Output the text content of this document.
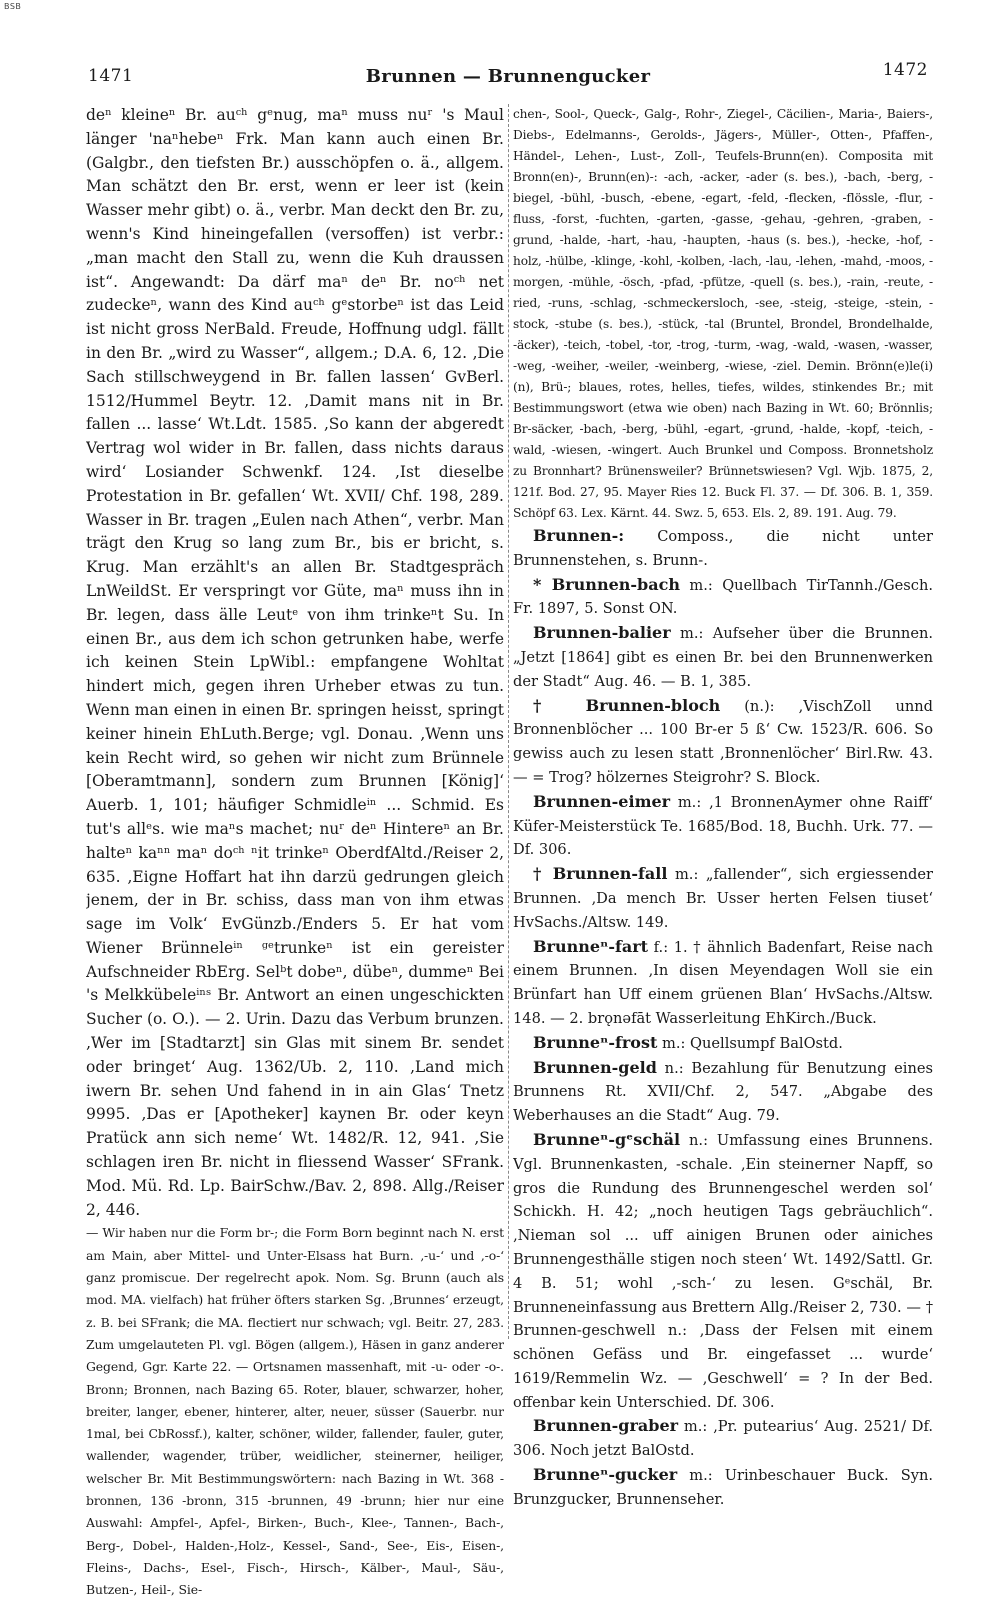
BSB
1471	Brunnen — Brunnengucker	1472
deⁿ kleineⁿ Br. auᶜʰ gᵉnug, maⁿ muss nuʳ 's Maul länger 'naⁿhebeⁿ Frk. Man kann auch einen Br. (Galgbr., den tiefsten Br.) ausschöpfen o. ä., allgem. Man schätzt den Br. erst, wenn er leer ist (kein Wasser mehr gibt) o. ä., verbr. Man deckt den Br. zu, wenn's Kind hineingefallen (versoffen) ist verbr.: „man macht den Stall zu, wenn die Kuh draussen ist“. Angewandt: Da därf maⁿ deⁿ Br. noᶜʰ net zudeckeⁿ, wann des Kind auᶜʰ gᵉstorbeⁿ ist das Leid ist nicht gross NerBald. Freude, Hoffnung udgl. fällt in den Br. „wird zu Wasser“, allgem.; D.A. 6, 12. ‚Die Sach stillschweygend in Br. fallen lassen‘ GvBerl. 1512/Hummel Beytr. 12. ‚Damit mans nit in Br. fallen ... lasse‘ Wt.Ldt. 1585. ‚So kann der abgeredt Vertrag wol wider in Br. fallen, dass nichts daraus wird‘ Losiander Schwenkf. 124. ‚Ist dieselbe Protestation in Br. gefallen‘ Wt. XVII/ Chf. 198, 289. Wasser in Br. tragen „Eulen nach Athen“, verbr. Man trägt den Krug so lang zum Br., bis er bricht, s. Krug. Man erzählt's an allen Br. Stadtgespräch LnWeildSt. Er verspringt vor Güte, maⁿ muss ihn in Br. legen, dass älle Leutᵉ von ihm trinkeⁿt Su. In einen Br., aus dem ich schon getrunken habe, werfe ich keinen Stein LpWibl.: empfangene Wohltat hindert mich, gegen ihren Urheber etwas zu tun. Wenn man einen in einen Br. springen heisst, springt keiner hinein EhLuth.Berge; vgl. Donau. ‚Wenn uns kein Recht wird, so gehen wir nicht zum Brünnele [Oberamtmann], sondern zum Brunnen [König]‘ Auerb. 1, 101; häufiger Schmidleⁱⁿ ... Schmid. Es tut's allᵉs. wie maⁿs machet; nuʳ deⁿ Hintereⁿ an Br. halteⁿ kaⁿⁿ maⁿ doᶜʰ ⁿit trinkeⁿ OberdfAltd./Reiser 2, 635. ‚Eigne Hoffart hat ihn darzü gedrungen gleich jenem, der in Br. schiss, dass man von ihm etwas sage im Volk‘ EvGünzb./Enders 5. Er hat vom Wiener Brünneleⁱⁿ ᵍᵉtrunkeⁿ ist ein gereister Aufschneider RbErg. Selᵇt dobeⁿ, dübeⁿ, dummeⁿ Bei 's Melkkübeleⁱⁿˢ Br. Antwort an einen ungeschickten Sucher (o. O.). — 2. Urin. Dazu das Verbum brunzen. ‚Wer im [Stadtarzt] sin Glas mit sinem Br. sendet oder bringet‘ Aug. 1362/Ub. 2, 110. ‚Land mich iwern Br. sehen Und fahend in in ain Glas‘ Tnetz 9995. ‚Das er [Apotheker] kaynen Br. oder keyn Pratück ann sich neme‘ Wt. 1482/R. 12, 941. ‚Sie schlagen iren Br. nicht in fliessend Wasser‘ SFrank. Mod. Mü. Rd. Lp. BairSchw./Bav. 2, 898. Allg./Reiser 2, 446.
— Wir haben nur die Form br-; die Form Born beginnt nach N. erst am Main, aber Mittel- und Unter-Elsass hat Burn. ‚-u-‘ und ‚-o-‘ ganz promiscue. Der regelrecht apok. Nom. Sg. Brunn (auch als mod. MA. vielfach) hat früher öfters starken Sg. ‚Brunnes‘ erzeugt, z. B. bei SFrank; die MA. flectiert nur schwach; vgl. Beitr. 27, 283. Zum umgelauteten Pl. vgl. Bögen (allgem.), Häsen in ganz anderer Gegend, Ggr. Karte 22. — Ortsnamen massenhaft, mit -u- oder -o-. Bronn; Bronnen, nach Bazing 65. Roter, blauer, schwarzer, hoher, breiter, langer, ebener, hinterer, alter, neuer, süsser (Sauerbr. nur 1mal, bei CbRossf.), kalter, schöner, wilder, fallender, fauler, guter, wallender, wagender, trüber, weidlicher, steinerner, heiliger, welscher Br. Mit Bestimmungswörtern: nach Bazing in Wt. 368 -bronnen, 136 -bronn, 315 -brunnen, 49 -brunn; hier nur eine Auswahl: Ampfel-, Apfel-, Birken-, Buch-, Klee-, Tannen-, Bach-, Berg-, Dobel-, Halden-,Holz-, Kessel-, Sand-, See-, Eis-, Eisen-, Fleins-, Dachs-, Esel-, Fisch-, Hirsch-, Kälber-, Maul-, Säu-, Butzen-, Heil-, Sie-
chen-, Sool-, Queck-, Galg-, Rohr-, Ziegel-, Cäcilien-, Maria-, Baiers-, Diebs-, Edelmanns-, Gerolds-, Jägers-, Müller-, Otten-, Pfaffen-, Händel-, Lehen-, Lust-, Zoll-, Teufels-Brunn(en). Composita mit Bronn(en)-, Brunn(en)-: -ach, -acker, -ader (s. bes.), -bach, -berg, -biegel, -bühl, -busch, -ebene, -egart, -feld, -flecken, -flössle, -flur, -fluss, -forst, -fuchten, -garten, -gasse, -gehau, -gehren, -graben, -grund, -halde, -hart, -hau, -haupten, -haus (s. bes.), -hecke, -hof, -holz, -hülbe, -klinge, -kohl, -kolben, -lach, -lau, -lehen, -mahd, -moos, -morgen, -mühle, -ösch, -pfad, -pfütze, -quell (s. bes.), -rain, -reute, -ried, -runs, -schlag, -schmeckersloch, -see, -steig, -steige, -stein, -stock, -stube (s. bes.), -stück, -tal (Bruntel, Brondel, Brondelhalde, -äcker), -teich, -tobel, -tor, -trog, -turm, -wag, -wald, -wasen, -wasser, -weg, -weiher, -weiler, -weinberg, -wiese, -ziel. Demin. Brönn(e)le(i)(n), Brü-; blaues, rotes, helles, tiefes, wildes, stinkendes Br.; mit Bestimmungswort (etwa wie oben) nach Bazing in Wt. 60; Brönnlis; Br-säcker, -bach, -berg, -bühl, -egart, -grund, -halde, -kopf, -teich, -wald, -wiesen, -wingert. Auch Brunkel und Composs. Bronnetsholz zu Bronnhart? Brünensweiler? Brünnetswiesen? Vgl. Wjb. 1875, 2, 121f. Bod. 27, 95. Mayer Ries 12. Buck Fl. 37. — Df. 306. B. 1, 359. Schöpf 63. Lex. Kärnt. 44. Swz. 5, 653. Els. 2, 89. 191. Aug. 79.

Brunnen-: Composs., die nicht unter Brunnenstehen, s. Brunn-.

* Brunnen-bach m.: Quellbach TirTannh./Gesch. Fr. 1897, 5. Sonst ON.

Brunnen-balier m.: Aufseher über die Brunnen. „Jetzt [1864] gibt es einen Br. bei den Brunnenwerken der Stadt“ Aug. 46. — B. 1, 385.

† Brunnen-bloch (n.): ‚VischZoll unnd Bronnenblöcher ... 100 Br-er 5 ß‘ Cw. 1523/R. 606. So gewiss auch zu lesen statt ‚Bronnenlöcher‘ Birl.Rw. 43. — = Trog? hölzernes Steigrohr? S. Block.

Brunnen-eimer m.: ‚1 BronnenAymer ohne Raiff‘ Küfer-Meisterstück Te. 1685/Bod. 18, Buchh. Urk. 77. — Df. 306.

† Brunnen-fall m.: „fallender“, sich ergiessender Brunnen. ‚Da mench Br. Usser herten Felsen tiuset‘ HvSachs./Altsw. 149.

Brunneⁿ-fart f.: 1. † ähnlich Badenfart, Reise nach einem Brunnen. ‚In disen Meyendagen Woll sie ein Brünfart han Uff einem grüenen Blan‘ HvSachs./Altsw. 148. — 2. brǫnəfāt Wasserleitung EhKirch./Buck.

Brunneⁿ-frost m.: Quellsumpf BalOstd.

Brunnen-geld n.: Bezahlung für Benutzung eines Brunnens Rt. XVII/Chf. 2, 547. „Abgabe des Weberhauses an die Stadt“ Aug. 79.

Brunneⁿ-gᵉschäl n.: Umfassung eines Brunnens. Vgl. Brunnenkasten, -schale. ‚Ein steinerner Napff, so gros die Rundung des Brunnengeschel werden sol‘ Schickh. H. 42; „noch heutigen Tags gebräuchlich“. ‚Nieman sol ... uff ainigen Brunen oder ainiches Brunnengesthälle stigen noch steen‘ Wt. 1492/Sattl. Gr. 4 B. 51; wohl ‚-sch-‘ zu lesen. Gᵉschäl, Br. Brunneneinfassung aus Brettern Allg./Reiser 2, 730. — † Brunnen-geschwell n.: ‚Dass der Felsen mit einem schönen Gefäss und Br. eingefasset ... wurde‘ 1619/Remmelin Wz. — ‚Geschwell‘ = ? In der Bed. offenbar kein Unterschied. Df. 306.

Brunnen-graber m.: ‚Pr. putearius‘ Aug. 2521/ Df. 306. Noch jetzt BalOstd.

Brunneⁿ-gucker m.: Urinbeschauer Buck. Syn. Brunzgucker, Brunnenseher.
